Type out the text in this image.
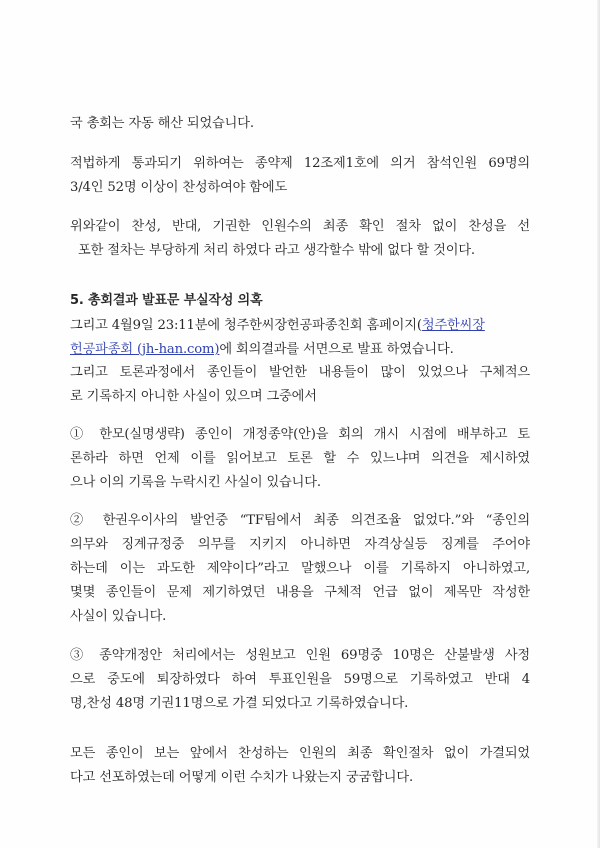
국 총회는 자동 해산 되었습니다.
적법하게 통과되기 위하여는 종약제 12조제1호에 의거 참석인원 69명의
3/4인 52명 이상이 찬성하여야 함에도
위와같이 찬성, 반대, 기권한 인원수의 최종 확인 절차 없이 찬성을 선
포한 절차는 부당하게 처리 하였다 라고 생각할수 밖에 없다 할 것이다.
5. 총회결과 발표문 부실작성 의혹
그리고 4월9일 23:11분에 청주한씨장헌공파종친회 홈페이지(청주한씨장
헌공파종회 (jh-han.com)에 회의결과를 서면으로 발표 하였습니다.
그리고 토론과정에서 종인들이 발언한 내용들이 많이 있었으나 구체적으
로 기록하지 아니한 사실이 있으며 그중에서
① 한모(실명생략) 종인이 개정종약(안)을 회의 개시 시점에 배부하고 토
론하라 하면 언제 이를 읽어보고 토론 할 수 있느냐며 의견을 제시하였
으나 이의 기록을 누락시킨 사실이 있습니다.
② 한권우이사의 발언중 “TF팀에서 최종 의견조율 없었다.”와 “종인의
의무와 징계규정중 의무를 지키지 아니하면 자격상실등 징계를 주어야
하는데 이는 과도한 제약이다”라고 말했으나 이를 기록하지 아니하였고,
몇몇 종인들이 문제 제기하였던 내용을 구체적 언급 없이 제목만 작성한
사실이 있습니다.
③ 종약개정안 처리에서는 성원보고 인원 69명중 10명은 산불발생 사정
으로 중도에 퇴장하였다 하여 투표인원을 59명으로 기록하였고 반대 4
명,찬성 48명 기권11명으로 가결 되었다고 기록하였습니다.
모든 종인이 보는 앞에서 찬성하는 인원의 최종 확인절차 없이 가결되었
다고 선포하였는데 어떻게 이런 수치가 나왔는지 궁굼합니다.
